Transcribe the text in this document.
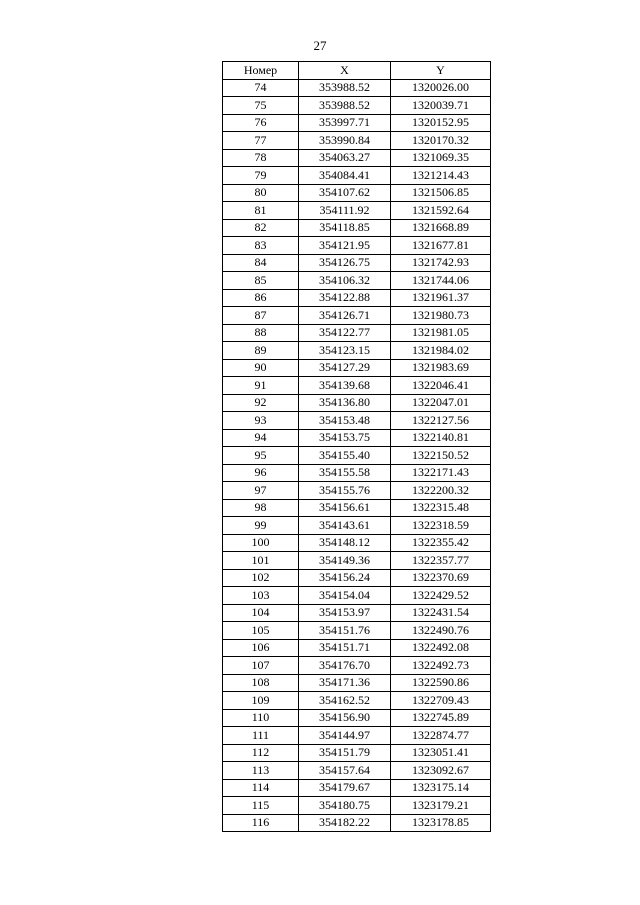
27
Номер	X	Y
74	353988.52	1320026.00
75	353988.52	1320039.71
76	353997.71	1320152.95
77	353990.84	1320170.32
78	354063.27	1321069.35
79	354084.41	1321214.43
80	354107.62	1321506.85
81	354111.92	1321592.64
82	354118.85	1321668.89
83	354121.95	1321677.81
84	354126.75	1321742.93
85	354106.32	1321744.06
86	354122.88	1321961.37
87	354126.71	1321980.73
88	354122.77	1321981.05
89	354123.15	1321984.02
90	354127.29	1321983.69
91	354139.68	1322046.41
92	354136.80	1322047.01
93	354153.48	1322127.56
94	354153.75	1322140.81
95	354155.40	1322150.52
96	354155.58	1322171.43
97	354155.76	1322200.32
98	354156.61	1322315.48
99	354143.61	1322318.59
100	354148.12	1322355.42
101	354149.36	1322357.77
102	354156.24	1322370.69
103	354154.04	1322429.52
104	354153.97	1322431.54
105	354151.76	1322490.76
106	354151.71	1322492.08
107	354176.70	1322492.73
108	354171.36	1322590.86
109	354162.52	1322709.43
110	354156.90	1322745.89
111	354144.97	1322874.77
112	354151.79	1323051.41
113	354157.64	1323092.67
114	354179.67	1323175.14
115	354180.75	1323179.21
116	354182.22	1323178.85
